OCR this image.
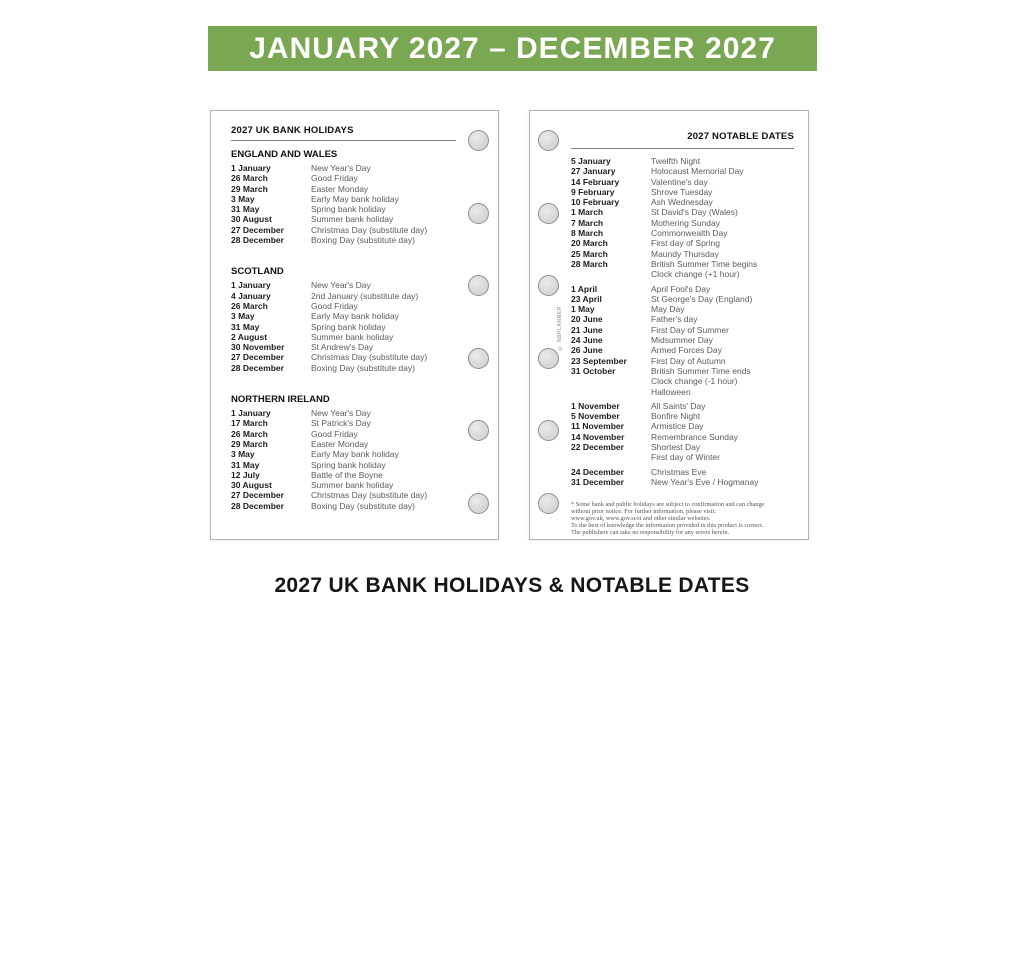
JANUARY 2027 – DECEMBER 2027
2027 UK BANK HOLIDAYS
ENGLAND AND WALES
1 January	New Year's Day
26 March	Good Friday
29 March	Easter Monday
3 May	Early May bank holiday
31 May	Spring bank holiday
30 August	Summer bank holiday
27 December	Christmas Day (substitute day)
28 December	Boxing Day (substitute day)
SCOTLAND
1 January	New Year's Day
4 January	2nd January (substitute day)
26 March	Good Friday
3 May	Early May bank holiday
31 May	Spring bank holiday
2 August	Summer bank holiday
30 November	St Andrew's Day
27 December	Christmas Day (substitute day)
28 December	Boxing Day (substitute day)
NORTHERN IRELAND
1 January	New Year's Day
17 March	St Patrick's Day
26 March	Good Friday
29 March	Easter Monday
3 May	Early May bank holiday
31 May	Spring bank holiday
12 July	Battle of the Boyne
30 August	Summer bank holiday
27 December	Christmas Day (substitute day)
28 December	Boxing Day (substitute day)
2027 NOTABLE DATES
5 January	Twelfth Night
27 January	Holocaust Memorial Day
14 February	Valentine's day
9 February	Shrove Tuesday
10 February	Ash Wednesday
1 March	St David's Day (Wales)
7 March	Mothering Sunday
8 March	Commonwealth Day
20 March	First day of Spring
25 March	Maundy Thursday
28 March	British Summer Time begins
Clock change (+1 hour)
1 April	April Fool's Day
23 April	St George's Day (England)
1 May	May Day
20 June	Father's day
21 June	First Day of Summer
24 June	Midsummer Day
26 June	Armed Forces Day
23 September	First Day of Autumn
31 October	British Summer Time ends
Clock change (-1 hour)
Halloween
1 November	All Saints' Day
5 November	Bonfire Night
11 November	Armistice Day
14 November	Remembrance Sunday
22 December	Shortest Day
First day of Winter
24 December	Christmas Eve
31 December	New Year's Eve / Hogmanay
* Some bank and public holidays are subject to confirmation and can change
without prior notice. For further information, please visit:
www.gov.uk, www.gov.scot and other similar websites.
To the best of knowledge the information provided in this product is correct.
The publishers can take no responsibility for any errors herein.
© NBPLANNER
2027 UK BANK HOLIDAYS & NOTABLE DATES
